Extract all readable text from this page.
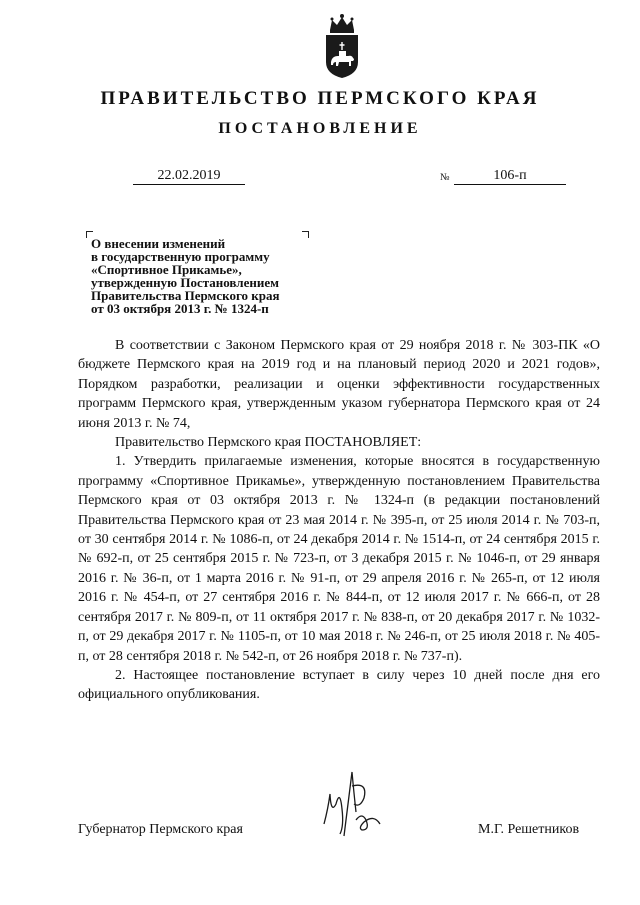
ПРАВИТЕЛЬСТВО ПЕРМСКОГО КРАЯ
ПОСТАНОВЛЕНИЕ
22.02.2019	№	106-п
О внесении изменений
в государственную программу
«Спортивное Прикамье»,
утвержденную Постановлением
Правительства Пермского края
от 03 октября 2013 г. № 1324-п

В соответствии с Законом Пермского края от 29 ноября 2018 г. № 303-ПК «О бюджете Пермского края на 2019 год и на плановый период 2020 и 2021 годов», Порядком разработки, реализации и оценки эффективности государственных программ Пермского края, утвержденным указом губернатора Пермского края от 24 июня 2013 г. № 74,

Правительство Пермского края ПОСТАНОВЛЯЕТ:

1. Утвердить прилагаемые изменения, которые вносятся в государственную программу «Спортивное Прикамье», утвержденную постановлением Правительства Пермского края от 03 октября 2013 г. № 1324-п (в редакции постановлений Правительства Пермского края от 23 мая 2014 г. № 395-п, от 25 июля 2014 г. № 703-п, от 30 сентября 2014 г. № 1086-п, от 24 декабря 2014 г. № 1514-п, от 24 сентября 2015 г. № 692-п, от 25 сентября 2015 г. № 723-п, от 3 декабря 2015 г. № 1046-п, от 29 января 2016 г. № 36-п, от 1 марта 2016 г. № 91-п, от 29 апреля 2016 г. № 265-п, от 12 июля 2016 г. № 454-п, от 27 сентября 2016 г. № 844-п, от 12 июля 2017 г. № 666-п, от 28 сентября 2017 г. № 809-п, от 11 октября 2017 г. № 838-п, от 20 декабря 2017 г. № 1032-п, от 29 декабря 2017 г. № 1105-п, от 10 мая 2018 г. № 246-п, от 25 июля 2018 г. № 405-п, от 28 сентября 2018 г. № 542-п, от 26 ноября 2018 г. № 737-п).

2. Настоящее постановление вступает в силу через 10 дней после дня его официального опубликования.

Губернатор Пермского края	М.Г. Решетников
